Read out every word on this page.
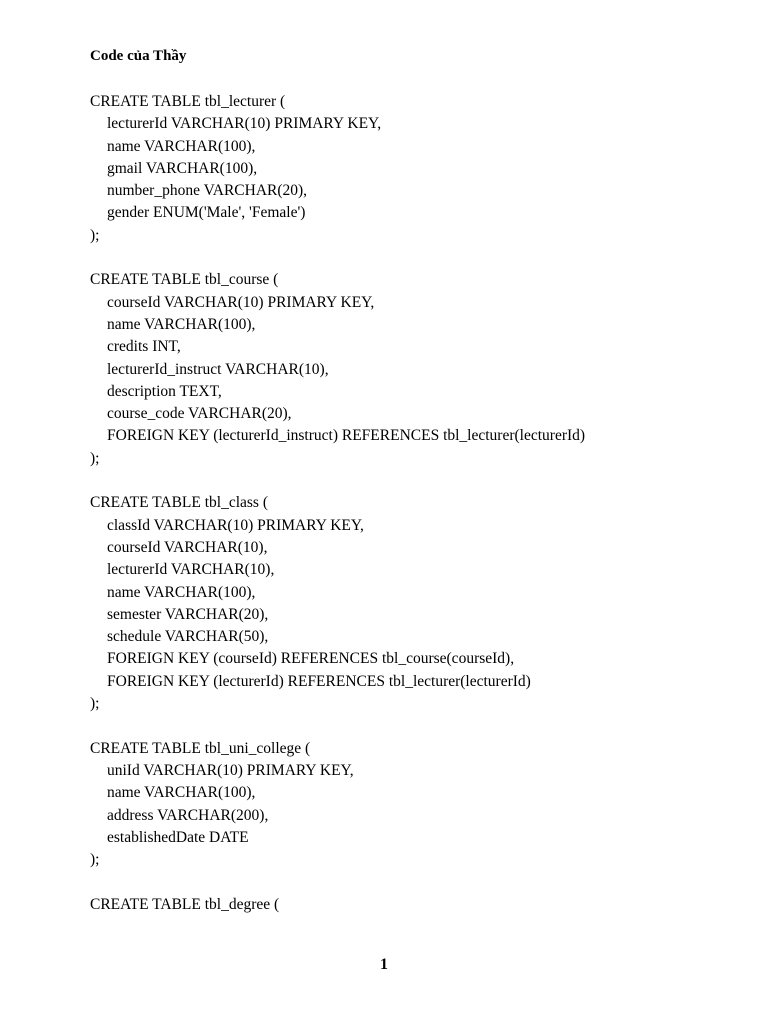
Code của Thầy
CREATE TABLE tbl_lecturer (
lecturerId VARCHAR(10) PRIMARY KEY,
name VARCHAR(100),
gmail VARCHAR(100),
number_phone VARCHAR(20),
gender ENUM('Male', 'Female')
);
CREATE TABLE tbl_course (
courseId VARCHAR(10) PRIMARY KEY,
name VARCHAR(100),
credits INT,
lecturerId_instruct VARCHAR(10),
description TEXT,
course_code VARCHAR(20),
FOREIGN KEY (lecturerId_instruct) REFERENCES tbl_lecturer(lecturerId)
);
CREATE TABLE tbl_class (
classId VARCHAR(10) PRIMARY KEY,
courseId VARCHAR(10),
lecturerId VARCHAR(10),
name VARCHAR(100),
semester VARCHAR(20),
schedule VARCHAR(50),
FOREIGN KEY (courseId) REFERENCES tbl_course(courseId),
FOREIGN KEY (lecturerId) REFERENCES tbl_lecturer(lecturerId)
);
CREATE TABLE tbl_uni_college (
uniId VARCHAR(10) PRIMARY KEY,
name VARCHAR(100),
address VARCHAR(200),
establishedDate DATE
);
CREATE TABLE tbl_degree (
1
